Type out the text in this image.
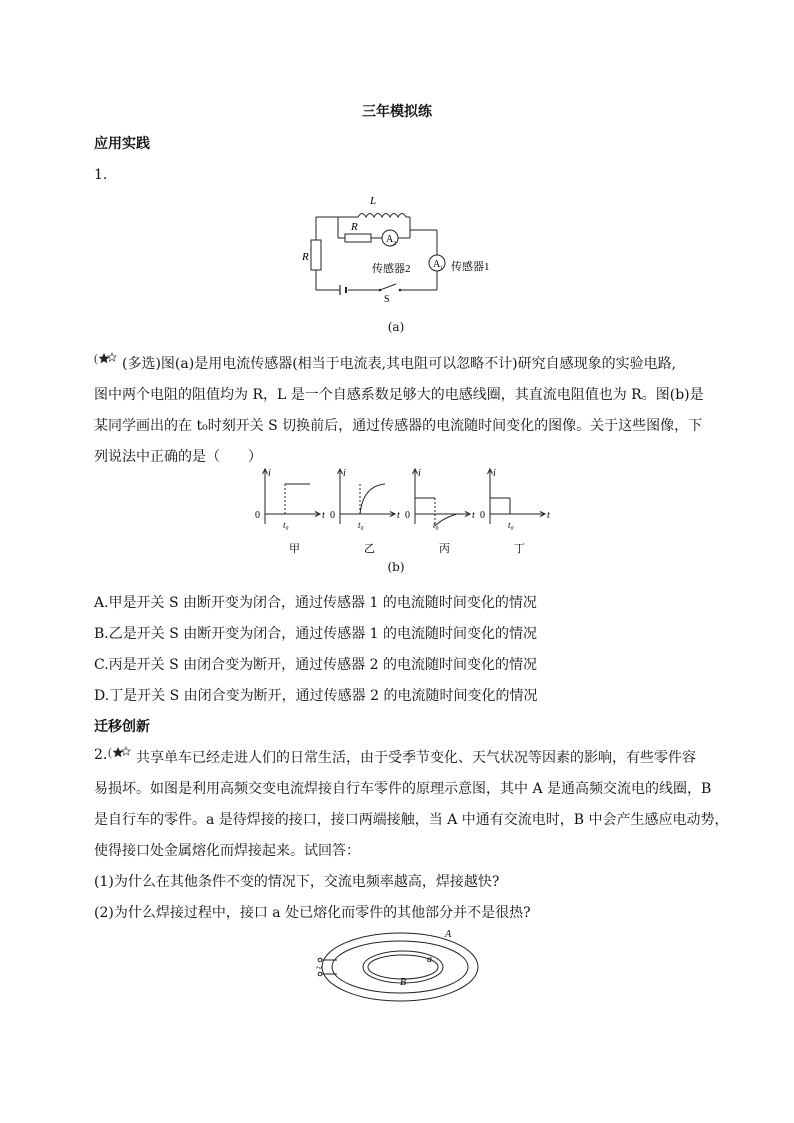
三年模拟练
应用实践
1.
L
R
R
A 2
A 1
传感器2	传感器1
S
(a)
( (多选)图(a)是用电流传感器(相当于电流表,其电阻可以忽略不计)研究自感现象的实验电路,
图中两个电阻的阻值均为 R，L 是一个自感系数足够大的电感线圈，其直流电阻值也为 R。图(b)是
某同学画出的在 t₀时刻开关 S 切换前后，通过传感器的电流随时间变化的图像。关于这些图像，下
列说法中正确的是（　　）
i
t
0
t₀
甲
i
t
0
t₀
乙
i
t
0
t₀
丙
i
t
0
t₀
丁
(b)
A.甲是开关 S 由断开变为闭合，通过传感器 1 的电流随时间变化的情况
B.乙是开关 S 由断开变为闭合，通过传感器 1 的电流随时间变化的情况
C.丙是开关 S 由闭合变为断开，通过传感器 2 的电流随时间变化的情况
D.丁是开关 S 由闭合变为断开，通过传感器 2 的电流随时间变化的情况
迁移创新
2. ( 共享单车已经走进人们的日常生活，由于受季节变化、天气状况等因素的影响，有些零件容
易损坏。如图是利用高频交变电流焊接自行车零件的原理示意图，其中 A 是通高频交流电的线圈，B
是自行车的零件。a 是待焊接的接口，接口两端接触，当 A 中通有交流电时，B 中会产生感应电动势，
使得接口处金属熔化而焊接起来。试回答：
(1)为什么在其他条件不变的情况下，交流电频率越高，焊接越快?
(2)为什么焊接过程中，接口 a 处已熔化而零件的其他部分并不是很热?
~
A
B
a
